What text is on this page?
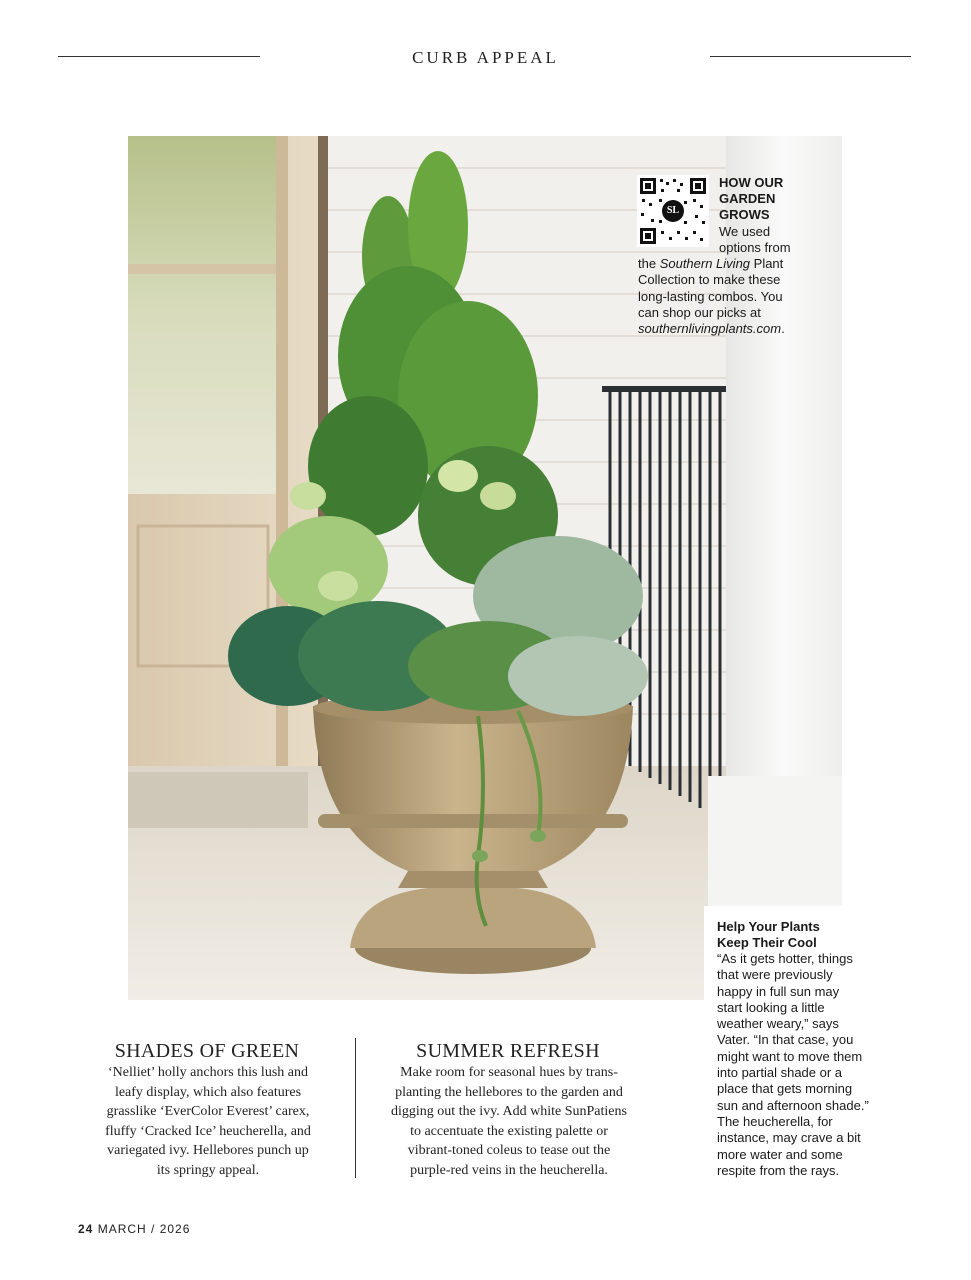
CURB APPEAL
SL
HOW OUR
GARDEN
GROWS
We used
options from
the Southern Living Plant
Collection to make these
long-lasting combos. You
can shop our picks at
southernlivingplants.com.
Help Your Plants
Keep Their Cool
“As it gets hotter, things
that were previously
happy in full sun may
start looking a little
weather weary,” says
Vater. “In that case, you
might want to move them
into partial shade or a
place that gets morning
sun and afternoon shade.”
The heucherella, for
instance, may crave a bit
more water and some
respite from the rays.
SHADES OF GREEN
‘Nelliet’ holly anchors this lush and
leafy display, which also features
grasslike ‘EverColor Everest’ carex,
fluffy ‘Cracked Ice’ heucherella, and
variegated ivy. Hellebores punch up
its springy appeal.
SUMMER REFRESH
Make room for seasonal hues by trans-
planting the hellebores to the garden and
digging out the ivy. Add white SunPatiens
to accentuate the existing palette or
vibrant-toned coleus to tease out the
purple-red veins in the heucherella.
24 MARCH / 2026
